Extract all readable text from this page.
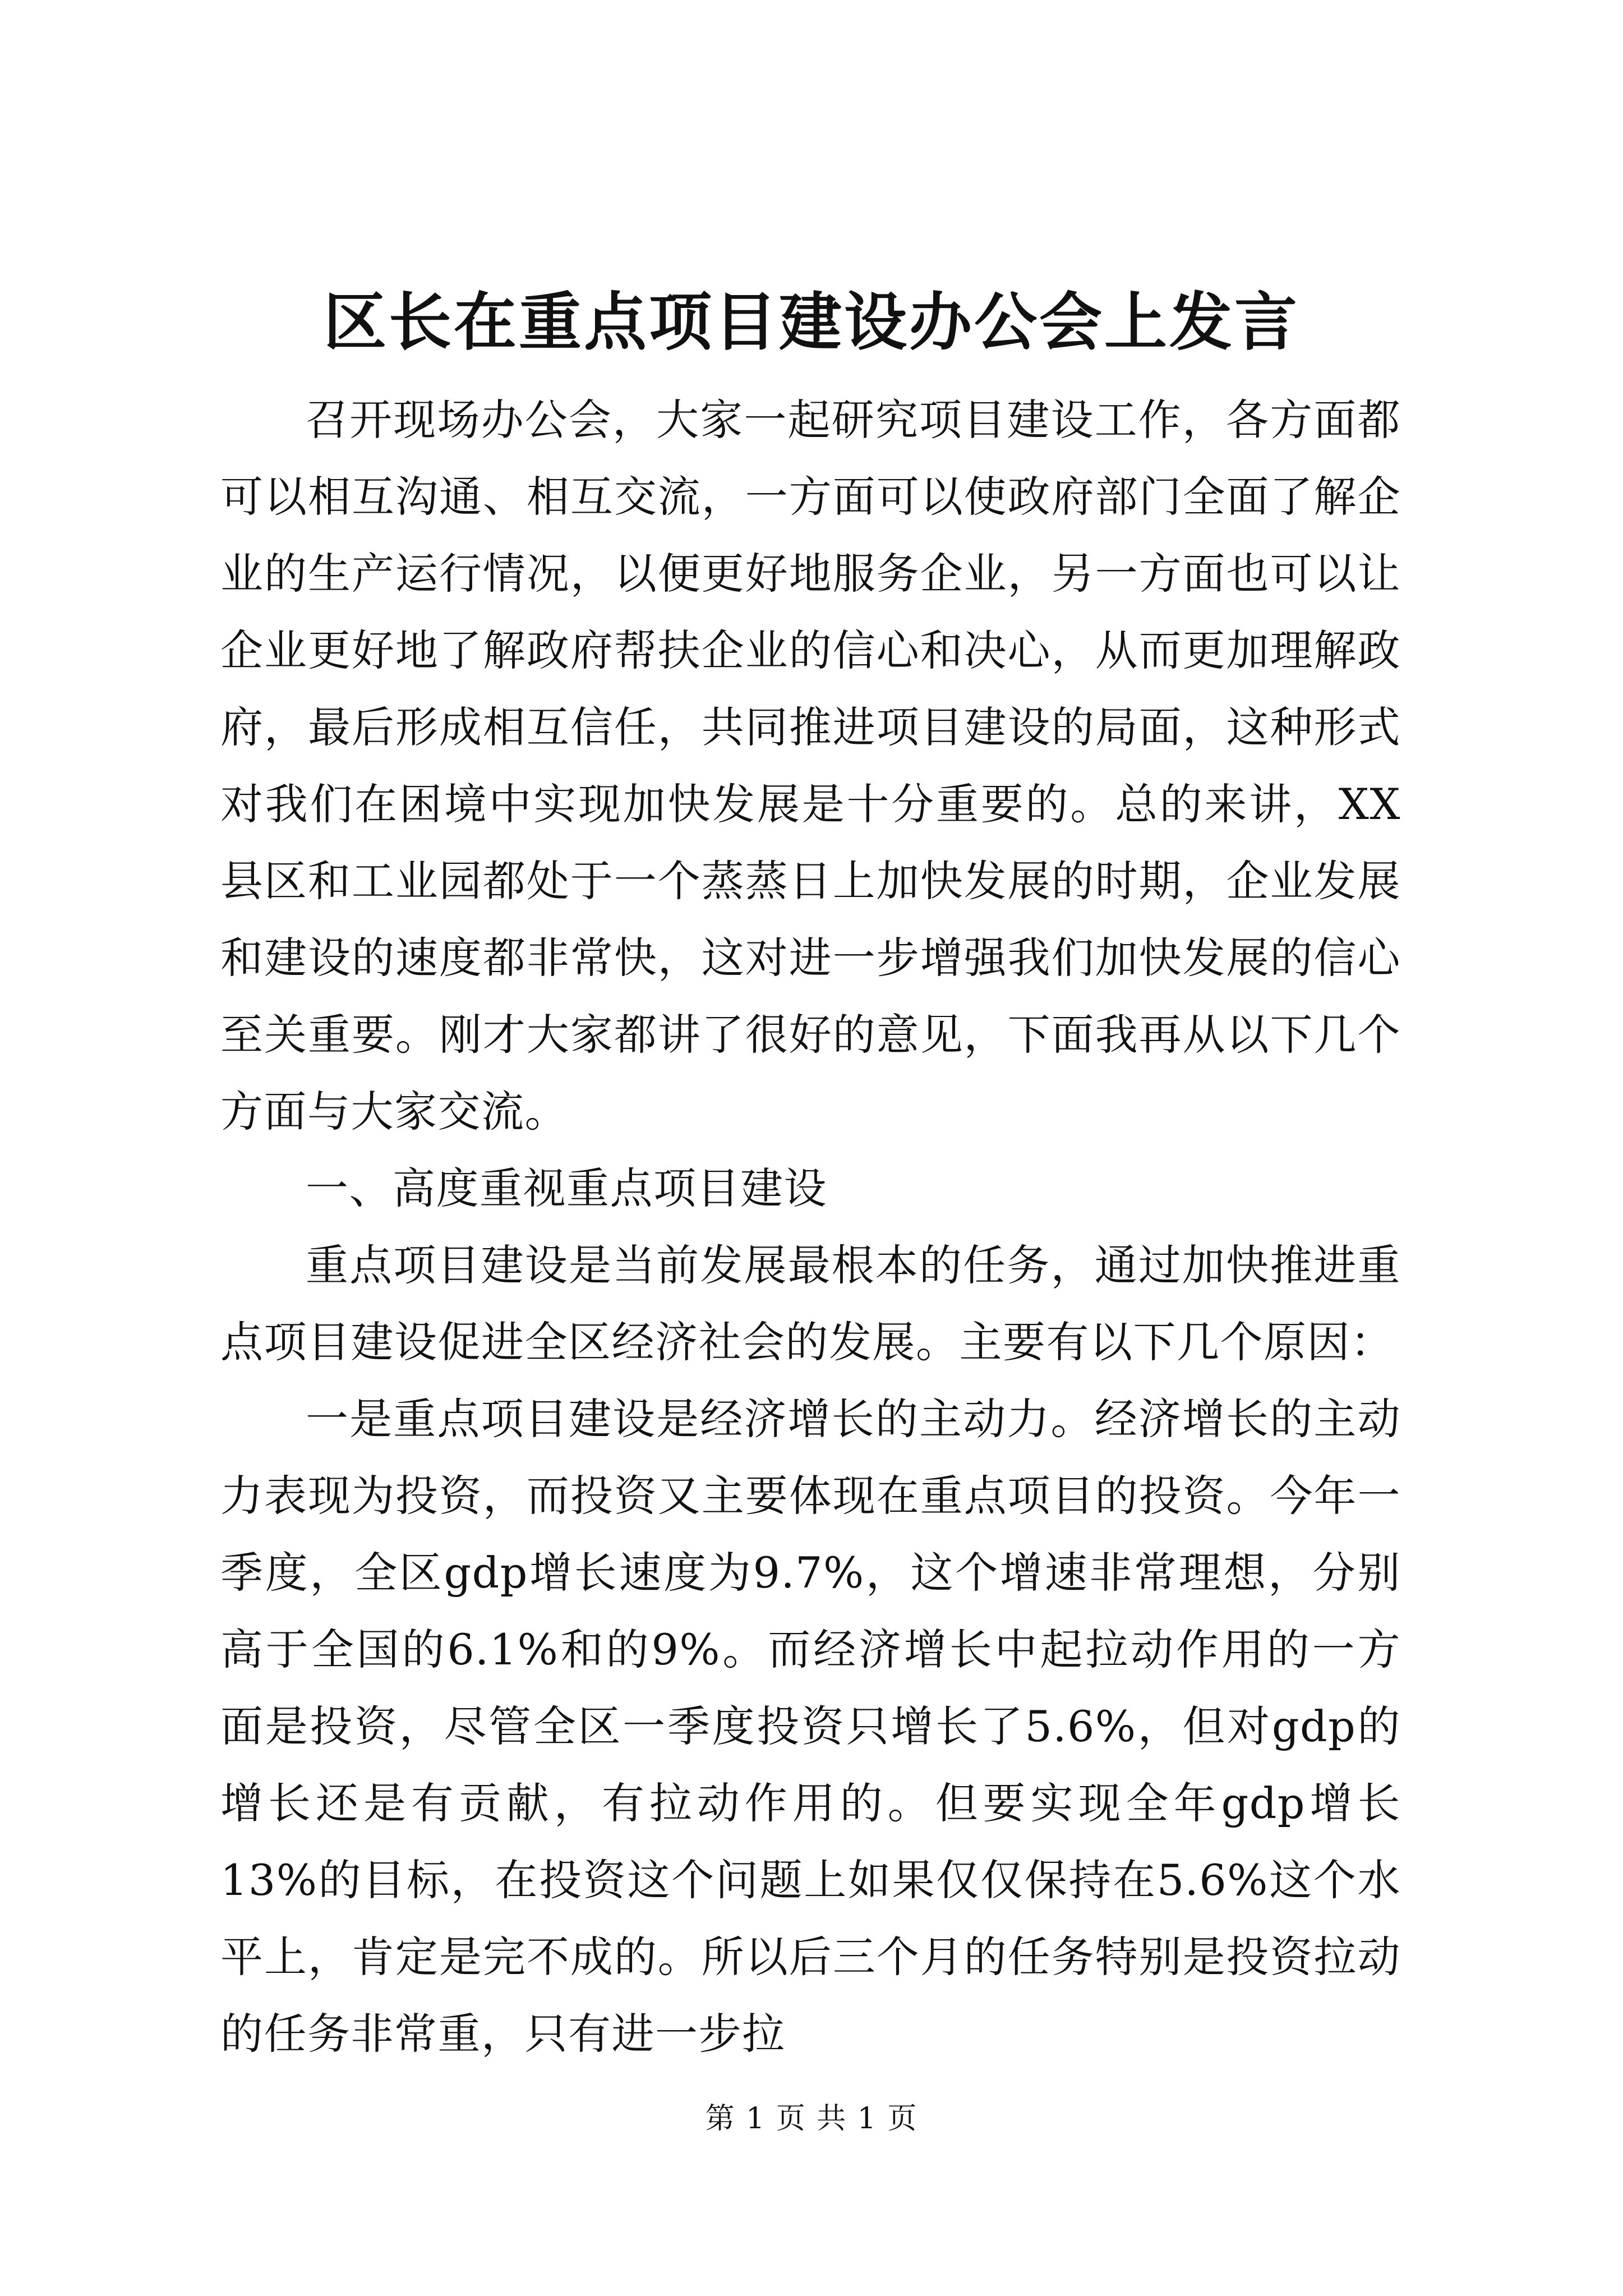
区长在重点项目建设办公会上发言

召开现场办公会，大家一起研究项目建设工作，各方面都可以相互沟通、相互交流，一方面可以使政府部门全面了解企业的生产运行情况，以便更好地服务企业，另一方面也可以让企业更好地了解政府帮扶企业的信心和决心，从而更加理解政府，最后形成相互信任，共同推进项目建设的局面，这种形式对我们在困境中实现加快发展是十分重要的。总的来讲，XX县区和工业园都处于一个蒸蒸日上加快发展的时期，企业发展和建设的速度都非常快，这对进一步增强我们加快发展的信心至关重要。刚才大家都讲了很好的意见，下面我再从以下几个方面与大家交流。

一、高度重视重点项目建设

重点项目建设是当前发展最根本的任务，通过加快推进重点项目建设促进全区经济社会的发展。主要有以下几个原因：

一是重点项目建设是经济增长的主动力。经济增长的主动力表现为投资，而投资又主要体现在重点项目的投资。今年一季度，全区gdp增长速度为9.7%，这个增速非常理想，分别高于全国的6.1%和的9%。而经济增长中起拉动作用的一方面是投资，尽管全区一季度投资只增长了5.6%，但对gdp的增长还是有贡献，有拉动作用的。但要实现全年gdp增长13%的目标，在投资这个问题上如果仅仅保持在5.6%这个水平上，肯定是完不成的。所以后三个月的任务特别是投资拉动的任务非常重，只有进一步拉

第 1 页 共 1 页
